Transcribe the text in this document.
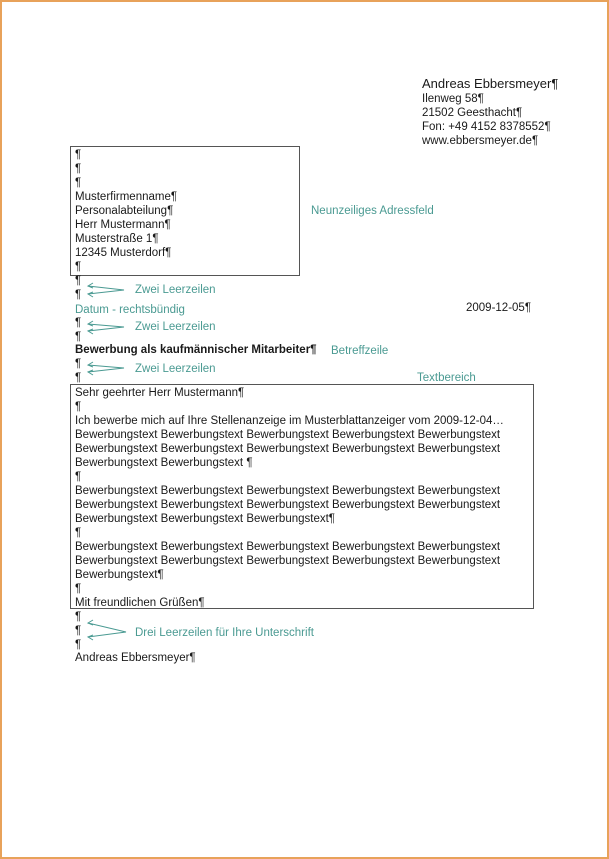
Andreas Ebbersmeyer¶
Ilenweg 58¶
21502 Geesthacht¶
Fon: +49 4152 8378552¶
www.ebbersmeyer.de¶
¶
¶
¶
Musterfirmenname¶
Personalabteilung¶
Herr Mustermann¶
Musterstraße 1¶
12345 Musterdorf¶
¶
Neunzeiliges Adressfeld
¶
¶	Zwei Leerzeilen
Datum - rechtsbündig	2009-12-05¶
¶
¶
Zwei Leerzeilen
Bewerbung als kaufmännischer Mitarbeiter¶ Betreffzeile
¶
¶
Zwei Leerzeilen
Textbereich
Sehr geehrter Herr Mustermann¶
¶
Ich bewerbe mich auf Ihre Stellenanzeige im Musterblattanzeiger vom 2009-12-04…
Bewerbungstext Bewerbungstext Bewerbungstext Bewerbungstext Bewerbungstext
Bewerbungstext Bewerbungstext Bewerbungstext Bewerbungstext Bewerbungstext
Bewerbungstext Bewerbungstext ¶
¶
Bewerbungstext Bewerbungstext Bewerbungstext Bewerbungstext Bewerbungstext
Bewerbungstext Bewerbungstext Bewerbungstext Bewerbungstext Bewerbungstext
Bewerbungstext Bewerbungstext Bewerbungstext¶
¶
Bewerbungstext Bewerbungstext Bewerbungstext Bewerbungstext Bewerbungstext
Bewerbungstext Bewerbungstext Bewerbungstext Bewerbungstext Bewerbungstext
Bewerbungstext¶
¶
Mit freundlichen Grüßen¶
¶
¶
¶
Drei Leerzeilen für Ihre Unterschrift
Andreas Ebbersmeyer¶
